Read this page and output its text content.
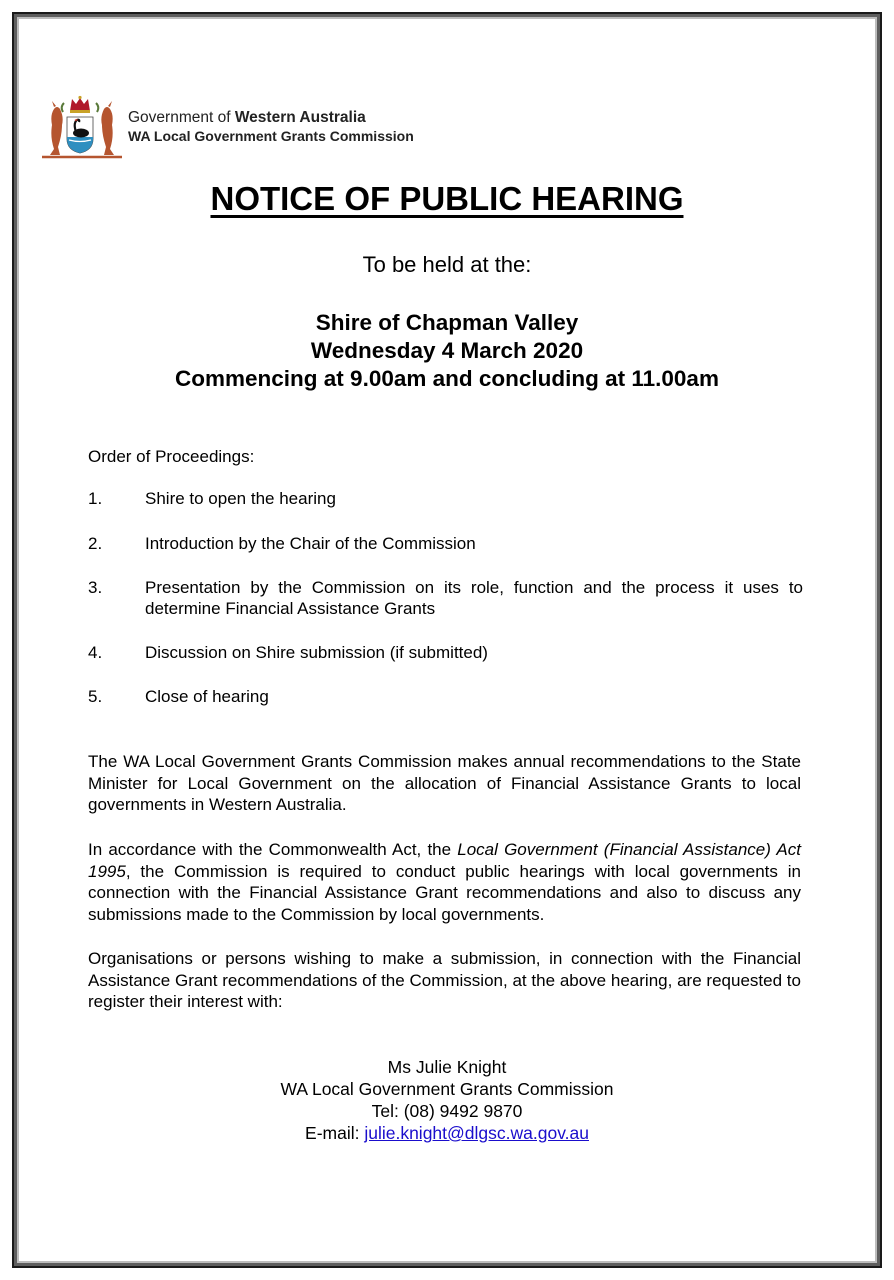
Government of Western Australia
WA Local Government Grants Commission
NOTICE OF PUBLIC HEARING
To be held at the:
Shire of Chapman Valley
Wednesday 4 March 2020
Commencing at 9.00am and concluding at 11.00am
Order of Proceedings:
1.	Shire to open the hearing
2.	Introduction by the Chair of the Commission
3.	Presentation by the Commission on its role, function and the process it uses to determine Financial Assistance Grants
4.	Discussion on Shire submission (if submitted)
5.	Close of hearing
The WA Local Government Grants Commission makes annual recommendations to the State Minister for Local Government on the allocation of Financial Assistance Grants to local governments in Western Australia.
In accordance with the Commonwealth Act, the Local Government (Financial Assistance) Act 1995, the Commission is required to conduct public hearings with local governments in connection with the Financial Assistance Grant recommendations and also to discuss any submissions made to the Commission by local governments.
Organisations or persons wishing to make a submission, in connection with the Financial Assistance Grant recommendations of the Commission, at the above hearing, are requested to register their interest with:
Ms Julie Knight
WA Local Government Grants Commission
Tel: (08) 9492 9870
E-mail: julie.knight@dlgsc.wa.gov.au
